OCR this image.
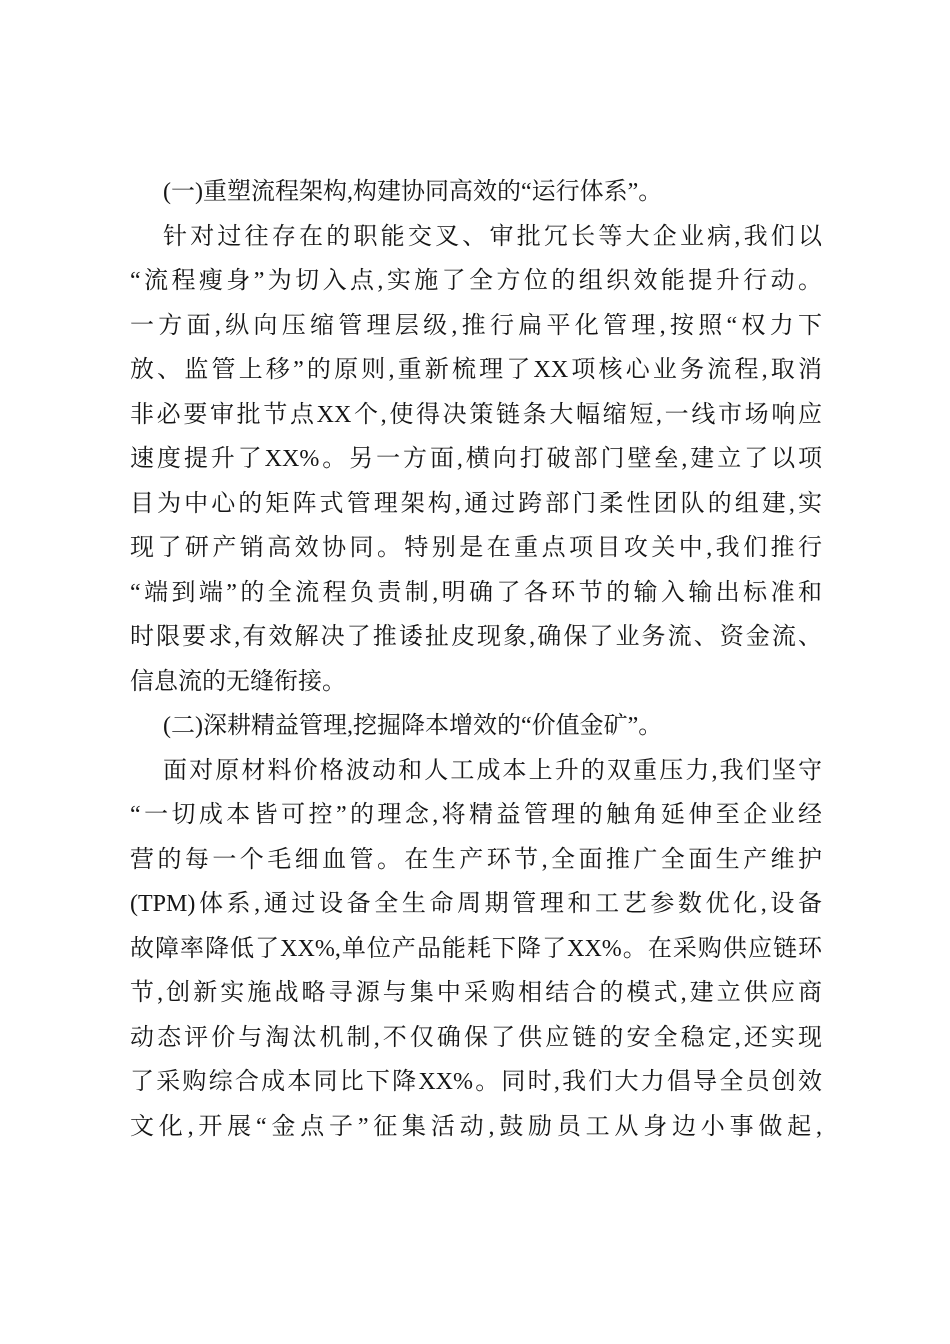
(一)重塑流程架构,构建协同高效的“运行体系”。
针对过往存在的职能交叉、审批冗长等大企业病,我们以
“流程瘦身”为切入点,实施了全方位的组织效能提升行动。
一方面,纵向压缩管理层级,推行扁平化管理,按照“权力下
放、监管上移”的原则,重新梳理了XX项核心业务流程,取消
非必要审批节点XX个,使得决策链条大幅缩短,一线市场响应
速度提升了XX%。另一方面,横向打破部门壁垒,建立了以项
目为中心的矩阵式管理架构,通过跨部门柔性团队的组建,实
现了研产销高效协同。特别是在重点项目攻关中,我们推行
“端到端”的全流程负责制,明确了各环节的输入输出标准和
时限要求,有效解决了推诿扯皮现象,确保了业务流、资金流、
信息流的无缝衔接。
(二)深耕精益管理,挖掘降本增效的“价值金矿”。
面对原材料价格波动和人工成本上升的双重压力,我们坚守
“一切成本皆可控”的理念,将精益管理的触角延伸至企业经
营的每一个毛细血管。在生产环节,全面推广全面生产维护
(TPM)体系,通过设备全生命周期管理和工艺参数优化,设备
故障率降低了XX%,单位产品能耗下降了XX%。在采购供应链环
节,创新实施战略寻源与集中采购相结合的模式,建立供应商
动态评价与淘汰机制,不仅确保了供应链的安全稳定,还实现
了采购综合成本同比下降XX%。同时,我们大力倡导全员创效
文化,开展“金点子”征集活动,鼓励员工从身边小事做起,
